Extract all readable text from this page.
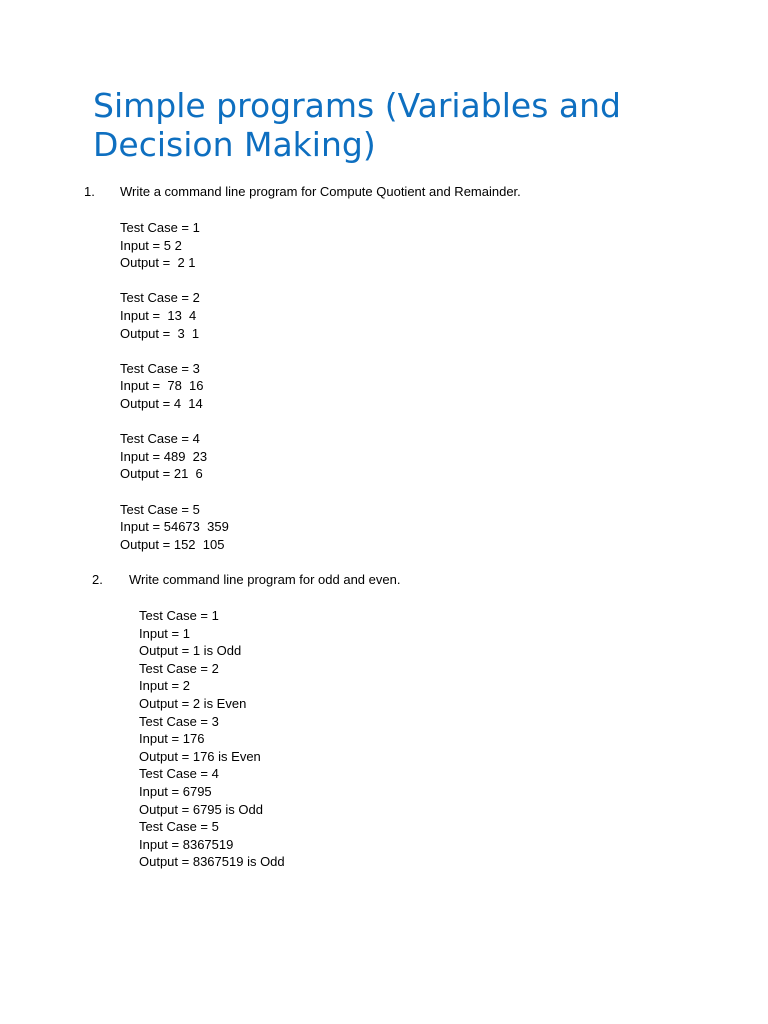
Simple programs (Variables and Decision Making)
1. Write a command line program for Compute Quotient and Remainder.
Test Case = 1
Input = 5 2
Output =  2 1
Test Case = 2
Input =  13  4
Output =  3  1
Test Case = 3
Input =  78  16
Output = 4  14
Test Case = 4
Input = 489  23
Output = 21  6
Test Case = 5
Input = 54673  359
Output = 152  105
2. Write command line program for odd and even.
Test Case = 1
Input = 1
Output = 1 is Odd
Test Case = 2
Input = 2
Output = 2 is Even
Test Case = 3
Input = 176
Output = 176 is Even
Test Case = 4
Input = 6795
Output = 6795 is Odd
Test Case = 5
Input = 8367519
Output = 8367519 is Odd
